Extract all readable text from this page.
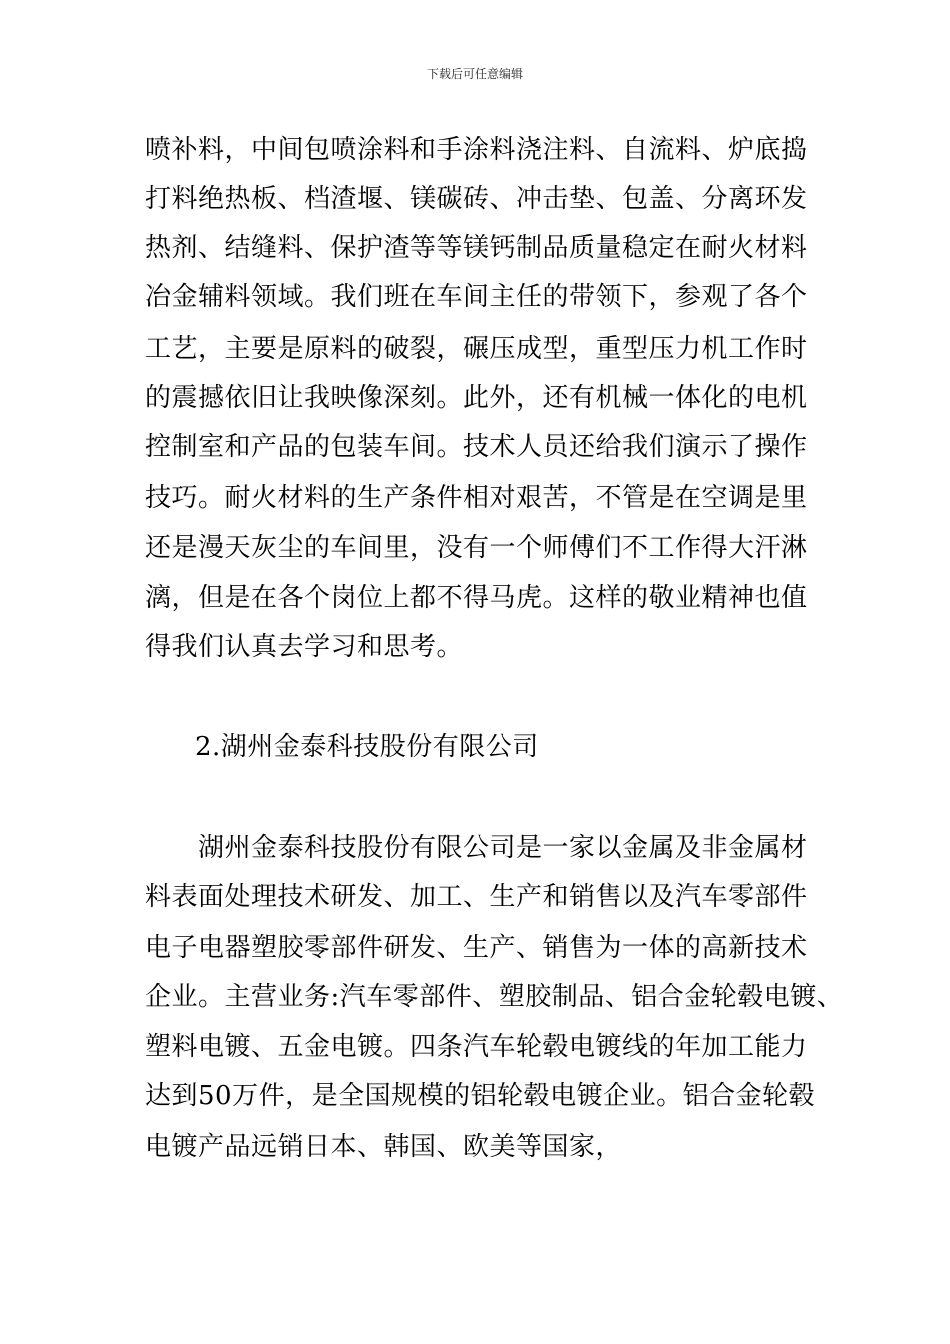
下载后可任意编辑
喷补料，中间包喷涂料和手涂料浇注料、自流料、炉底捣
打料绝热板、档渣堰、镁碳砖、冲击垫、包盖、分离环发
热剂、结缝料、保护渣等等镁钙制品质量稳定在耐火材料
冶金辅料领域。我们班在车间主任的带领下，参观了各个
工艺，主要是原料的破裂，碾压成型，重型压力机工作时
的震撼依旧让我映像深刻。此外，还有机械一体化的电机
控制室和产品的包装车间。技术人员还给我们演示了操作
技巧。耐火材料的生产条件相对艰苦，不管是在空调是里
还是漫天灰尘的车间里，没有一个师傅们不工作得大汗淋
漓，但是在各个岗位上都不得马虎。这样的敬业精神也值
得我们认真去学习和思考。
2.湖州金泰科技股份有限公司
湖州金泰科技股份有限公司是一家以金属及非金属材
料表面处理技术研发、加工、生产和销售以及汽车零部件
电子电器塑胶零部件研发、生产、销售为一体的高新技术
企业。主营业务:汽车零部件、塑胶制品、铝合金轮毂电镀、
塑料电镀、五金电镀。四条汽车轮毂电镀线的年加工能力
达到50万件，是全国规模的铝轮毂电镀企业。铝合金轮毂
电镀产品远销日本、韩国、欧美等国家，
